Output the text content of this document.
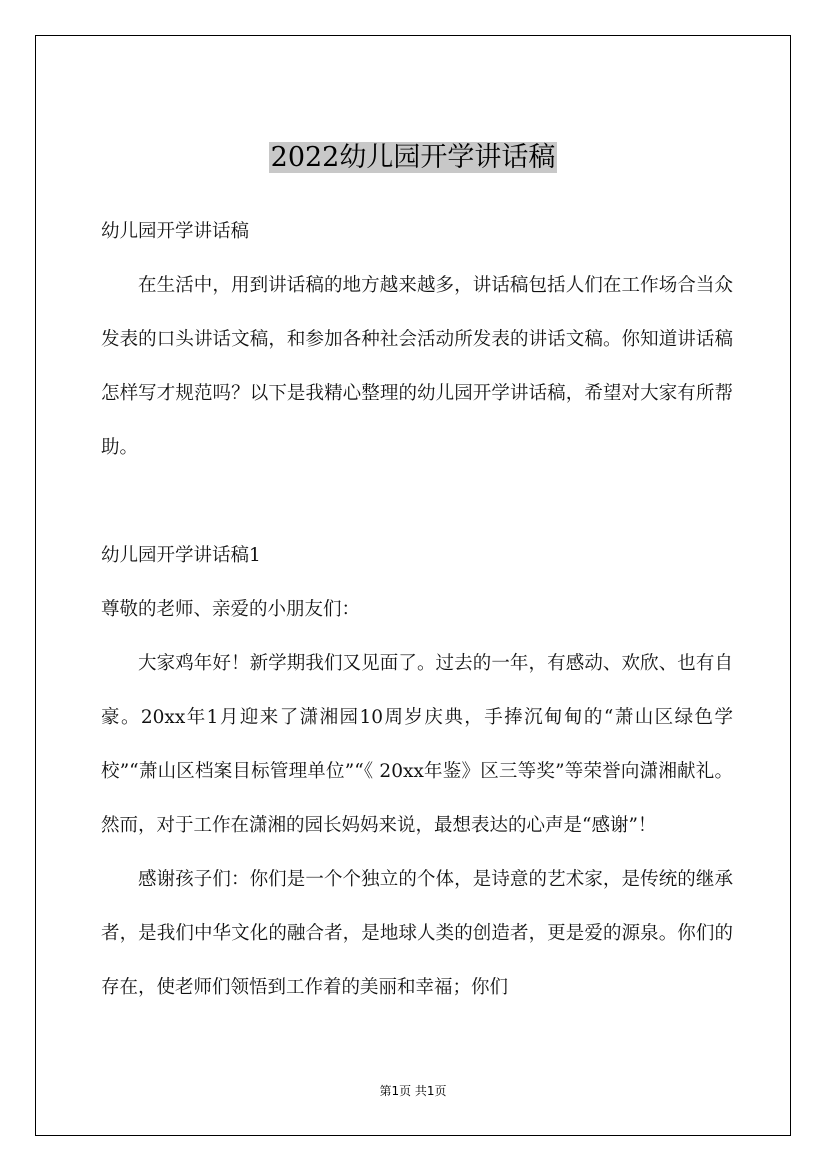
2022幼儿园开学讲话稿

幼儿园开学讲话稿

在生活中，用到讲话稿的地方越来越多，讲话稿包括人们在工作场合当众发表的口头讲话文稿，和参加各种社会活动所发表的讲话文稿。你知道讲话稿怎样写才规范吗？以下是我精心整理的幼儿园开学讲话稿，希望对大家有所帮助。

幼儿园开学讲话稿1

尊敬的老师、亲爱的小朋友们：

大家鸡年好！新学期我们又见面了。过去的一年，有感动、欢欣、也有自豪。20xx年1月迎来了潇湘园10周岁庆典，手捧沉甸甸的“萧山区绿色学校”“萧山区档案目标管理单位”“《 20xx年鉴》区三等奖”等荣誉向潇湘献礼。然而，对于工作在潇湘的园长妈妈来说，最想表达的心声是“感谢”！

感谢孩子们：你们是一个个独立的个体，是诗意的艺术家，是传统的继承者，是我们中华文化的融合者，是地球人类的创造者，更是爱的源泉。你们的存在，使老师们领悟到工作着的美丽和幸福；你们

第1页 共1页
